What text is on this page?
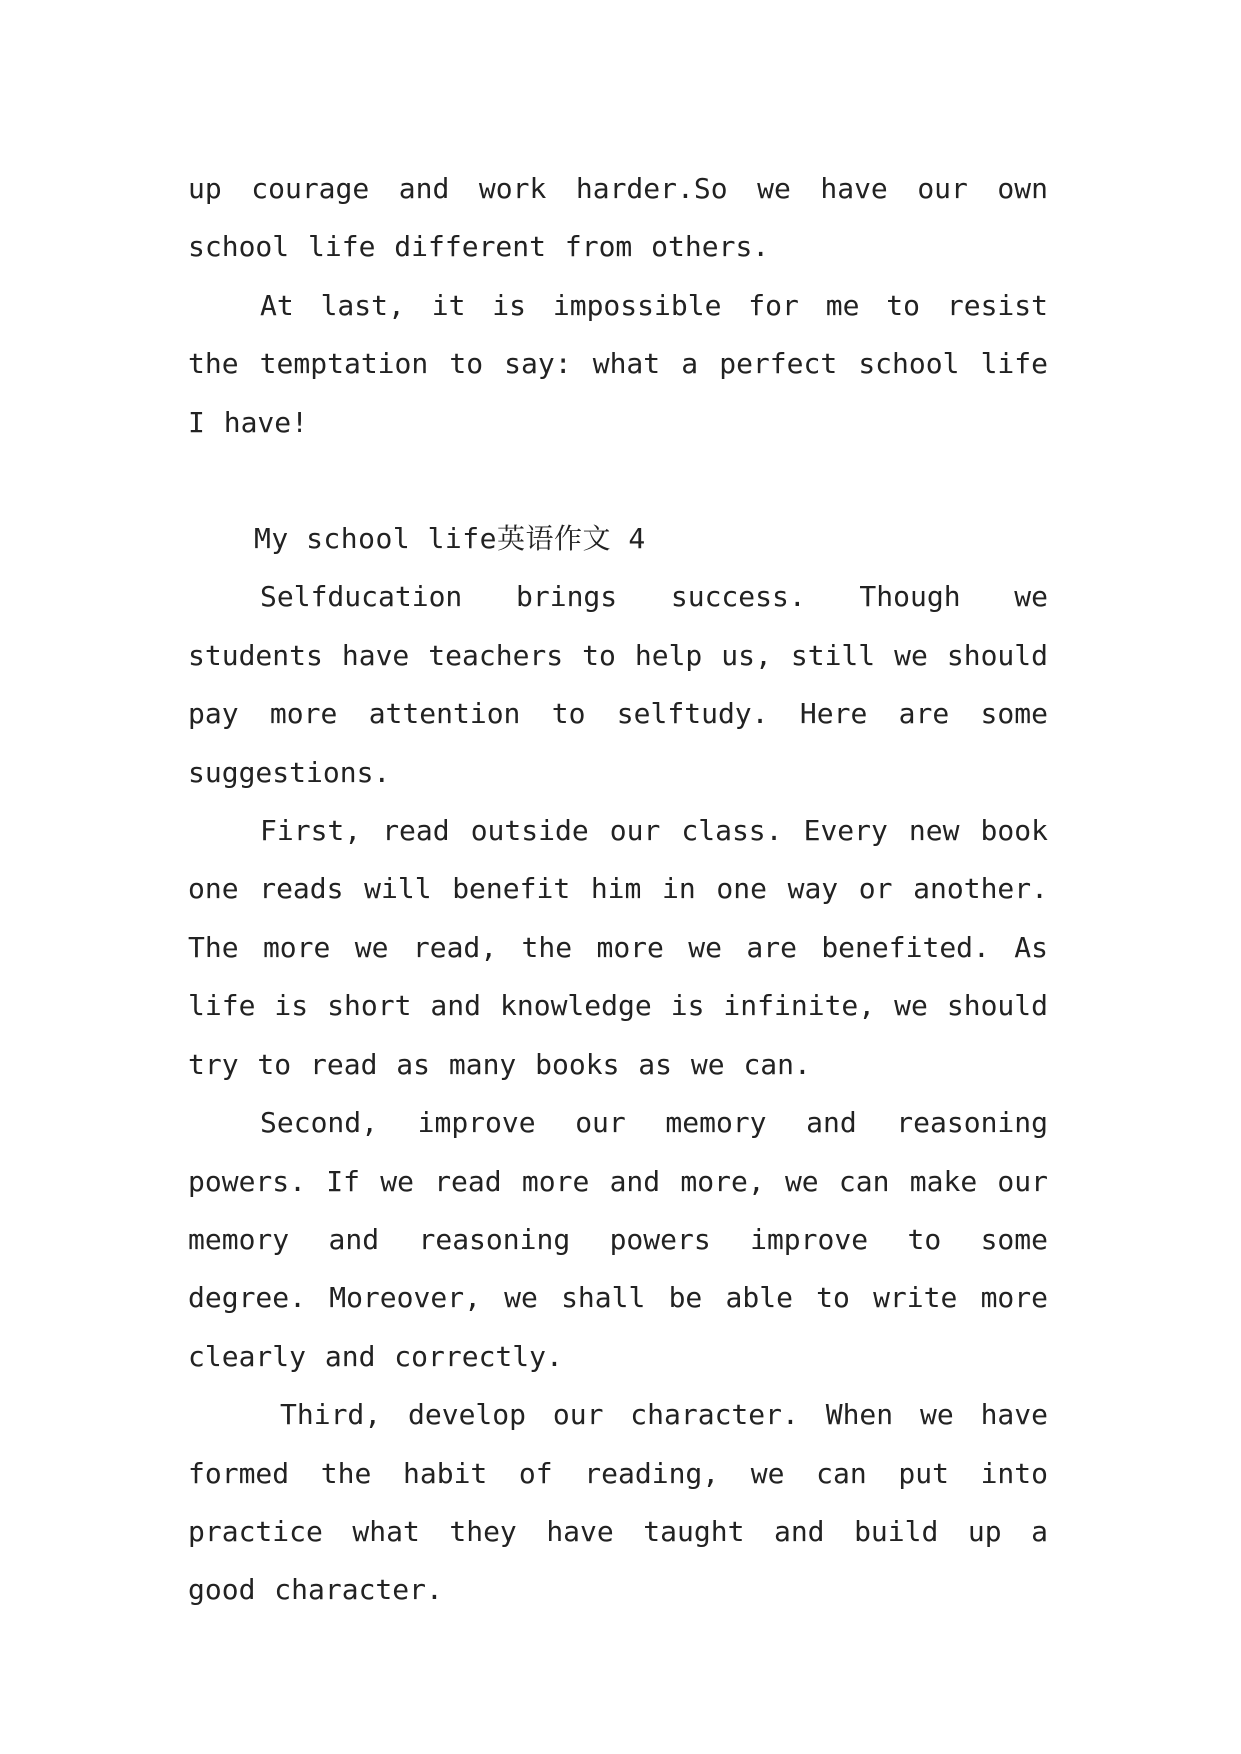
up courage and work harder.So we have our own school life different from others.

At last, it is impossible for me to resist the temptation to say: what a perfect school life I have!

My school life英语作文 4

Selfducation brings success. Though we students have teachers to help us, still we should pay more attention to selftudy. Here are some suggestions.

First, read outside our class. Every new book one reads will benefit him in one way or another. The more we read, the more we are benefited. As life is short and knowledge is infinite, we should try to read as many books as we can.

Second, improve our memory and reasoning powers. If we read more and more, we can make our memory and reasoning powers improve to some degree. Moreover, we shall be able to write more clearly and correctly.

Third, develop our character. When we have formed the habit of reading, we can put into practice what they have taught and build up a good character.
